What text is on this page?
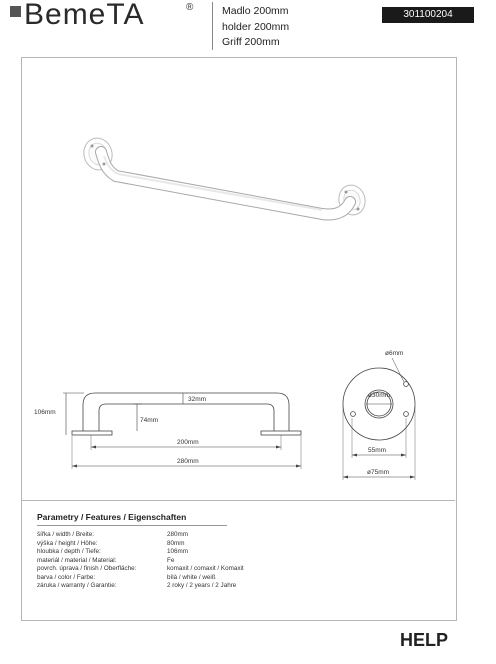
BemeTA	®	Madlo 200mm
holder 200mm
Griff 200mm
301100204
106mm
74mm
32mm
200mm
280mm
ø6mm
ø30mm
55mm
ø75mm
Parametry / Features / Eigenschaften
šířka / width / Breite:	280mm
výška / height / Höhe:	80mm
hloubka / depth / Tiefe:	106mm
materiál / material / Material:	Fe
povrch. úprava / finish / Oberfläche:	komaxit / comaxit / Komaxit
barva / color / Farbe:	bílá / white / weiß
záruka / warranty / Garantie:	2 roky / 2 years / 2 Jahre
HELP
